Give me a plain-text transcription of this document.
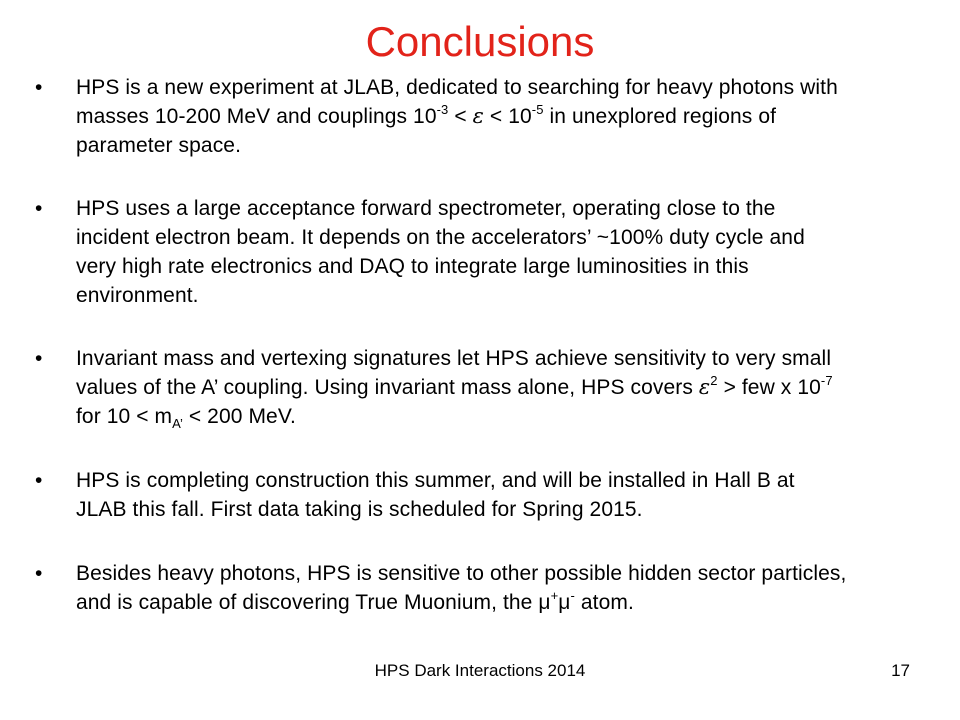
Conclusions
• HPS is a new experiment at JLAB, dedicated to searching for heavy photons with
masses 10-200 MeV and couplings $10^{-3} < \varepsilon < 10^{-5}$ in unexplored regions of
parameter space.
• HPS uses a large acceptance forward spectrometer, operating close to the
incident electron beam. It depends on the accelerators’ ~100% duty cycle and
very high rate electronics and DAQ to integrate large luminosities in this
environment.
• Invariant mass and vertexing signatures let HPS achieve sensitivity to very small
values of the A’ coupling. Using invariant mass alone, HPS covers $\varepsilon^2$ > few x $10^{-7}$
for $10 < m_{A’} < 200$ MeV.
• HPS is completing construction this summer, and will be installed in Hall B at
JLAB this fall. First data taking is scheduled for Spring 2015.
• Besides heavy photons, HPS is sensitive to other possible hidden sector particles,
and is capable of discovering True Muonium, the μ+μ- atom.
HPS Dark Interactions 2014	17
